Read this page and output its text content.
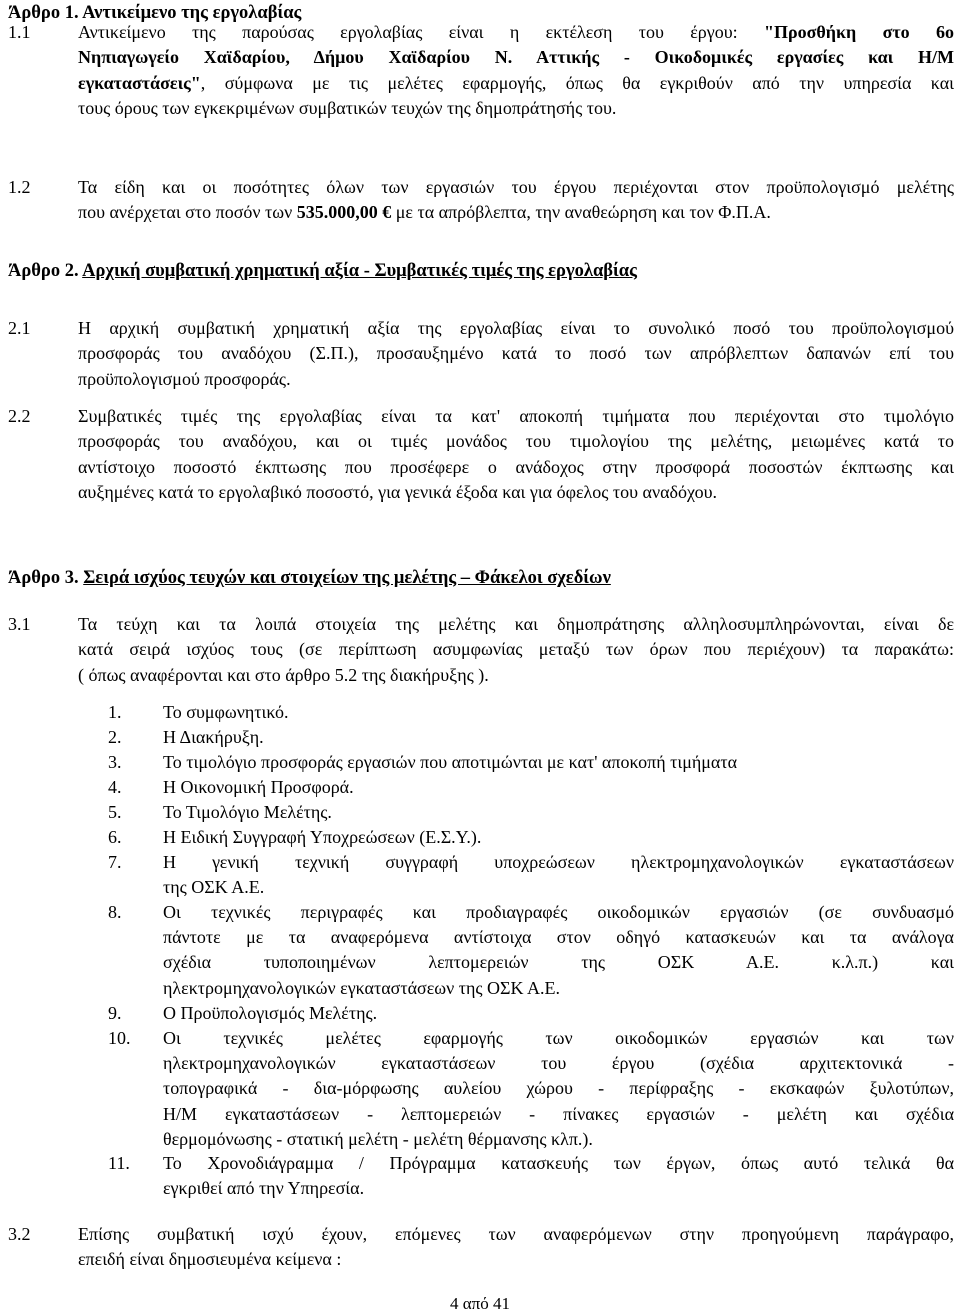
Άρθρο 1. Αντικείμενο της εργολαβίας
1.1	Αντικείμενο της παρούσας εργολαβίας είναι η εκτέλεση του έργου: "Προσθήκη στο 6ο
Νηπιαγωγείο Χαϊδαρίου, Δήμου Χαϊδαρίου Ν. Αττικής - Οικοδομικές εργασίες και Η/Μ
εγκαταστάσεις", σύμφωνα με τις μελέτες εφαρμογής, όπως θα εγκριθούν από την υπηρεσία και
τους όρους των εγκεκριμένων συμβατικών τευχών της δημοπράτησής του.
1.2	Τα είδη και οι ποσότητες όλων των εργασιών του έργου περιέχονται στον προϋπολογισμό μελέτης
που ανέρχεται στο ποσόν των 535.000,00 € με τα απρόβλεπτα, την αναθεώρηση και τον Φ.Π.Α.
Άρθρο 2. Αρχική συμβατική χρηματική αξία - Συμβατικές τιμές της εργολαβίας
2.1	Η αρχική συμβατική χρηματική αξία της εργολαβίας είναι το συνολικό ποσό του προϋπολογισμού
προσφοράς του αναδόχου (Σ.Π.), προσαυξημένο κατά το ποσό των απρόβλεπτων δαπανών επί του
προϋπολογισμού προσφοράς.
2.2	Συμβατικές τιμές της εργολαβίας είναι τα κατ' αποκοπή τιμήματα που περιέχονται στο τιμολόγιο
προσφοράς του αναδόχου, και οι τιμές μονάδος του τιμολογίου της μελέτης, μειωμένες κατά το
αντίστοιχο ποσοστό έκπτωσης που προσέφερε ο ανάδοχος στην προσφορά ποσοστών έκπτωσης και
αυξημένες κατά το εργολαβικό ποσοστό, για γενικά έξοδα και για όφελος του αναδόχου.
Άρθρο 3. Σειρά ισχύος τευχών και στοιχείων της μελέτης – Φάκελοι σχεδίων
3.1	Τα τεύχη και τα λοιπά στοιχεία της μελέτης και δημοπράτησης αλληλοσυμπληρώνονται, είναι δε
κατά σειρά ισχύος τους (σε περίπτωση ασυμφωνίας μεταξύ των όρων που περιέχουν) τα παρακάτω:
( όπως αναφέρονται και στο άρθρο 5.2 της διακήρυξης ).
1.	Το συμφωνητικό.
2.	Η Διακήρυξη.
3.	Το τιμολόγιο προσφοράς εργασιών που αποτιμώνται με κατ' αποκοπή τιμήματα
4.	Η Οικονομική Προσφορά.
5.	Το Τιμολόγιο Μελέτης.
6.	Η Ειδική Συγγραφή Υποχρεώσεων (Ε.Σ.Υ.).
7.	Η γενική τεχνική συγγραφή υποχρεώσεων ηλεκτρομηχανολογικών εγκαταστάσεων
της ΟΣΚ Α.Ε.
8.	Οι τεχνικές περιγραφές και προδιαγραφές οικοδομικών εργασιών (σε συνδυασμό
πάντοτε με τα αναφερόμενα αντίστοιχα στον οδηγό κατασκευών και τα ανάλογα
σχέδια τυποποιημένων λεπτομερειών της ΟΣΚ Α.Ε. κ.λ.π.) και
ηλεκτρομηχανολογικών εγκαταστάσεων της ΟΣΚ Α.Ε.
9.	Ο Προϋπολογισμός Μελέτης.
10.	Οι τεχνικές μελέτες εφαρμογής των οικοδομικών εργασιών και των
ηλεκτρομηχανολογικών εγκαταστάσεων του έργου (σχέδια αρχιτεκτονικά -
τοπογραφικά - δια-μόρφωσης αυλείου χώρου - περίφραξης - εκσκαφών ξυλοτύπων,
Η/Μ εγκαταστάσεων - λεπτομερειών - πίνακες εργασιών - μελέτη και σχέδια
θερμομόνωσης - στατική μελέτη - μελέτη θέρμανσης κλπ.).
11.	Το Χρονοδιάγραμμα / Πρόγραμμα κατασκευής των έργων, όπως αυτό τελικά θα
εγκριθεί από την Υπηρεσία.
3.2	Επίσης συμβατική ισχύ έχουν, επόμενες των αναφερόμενων στην προηγούμενη παράγραφο,
επειδή είναι δημοσιευμένα κείμενα :
4 από 41
